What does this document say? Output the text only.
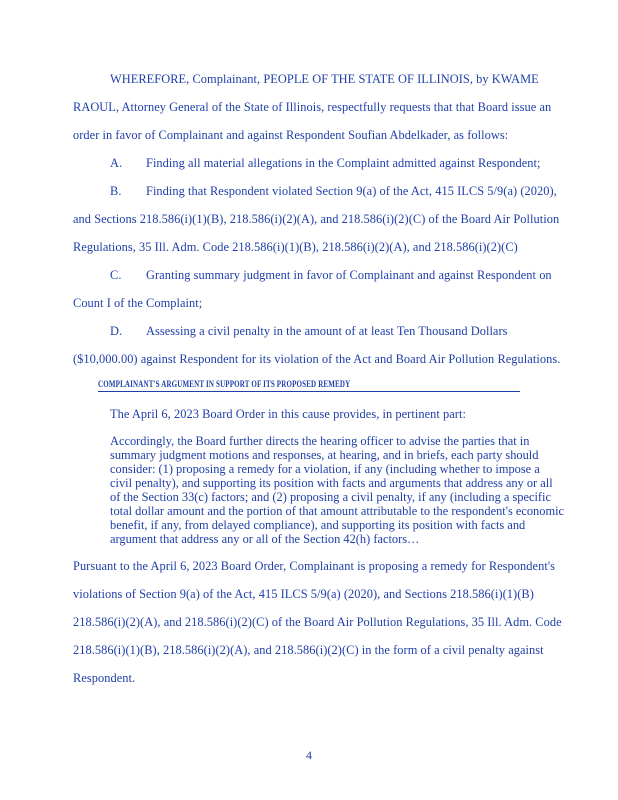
WHEREFORE, Complainant, PEOPLE OF THE STATE OF ILLINOIS, by KWAME
RAOUL, Attorney General of the State of Illinois, respectfully requests that that Board issue an
order in favor of Complainant and against Respondent Soufian Abdelkader, as follows:
A. Finding all material allegations in the Complaint admitted against Respondent;
B. Finding that Respondent violated Section 9(a) of the Act, 415 ILCS 5/9(a) (2020),
and Sections 218.586(i)(1)(B), 218.586(i)(2)(A), and 218.586(i)(2)(C) of the Board Air Pollution
Regulations, 35 Ill. Adm. Code 218.586(i)(1)(B), 218.586(i)(2)(A), and 218.586(i)(2)(C)
C. Granting summary judgment in favor of Complainant and against Respondent on
Count I of the Complaint;
D. Assessing a civil penalty in the amount of at least Ten Thousand Dollars
($10,000.00) against Respondent for its violation of the Act and Board Air Pollution Regulations.
COMPLAINANT'S ARGUMENT IN SUPPORT OF ITS PROPOSED REMEDY
The April 6, 2023 Board Order in this cause provides, in pertinent part:
Accordingly, the Board further directs the hearing officer to advise the parties that in
summary judgment motions and responses, at hearing, and in briefs, each party should
consider: (1) proposing a remedy for a violation, if any (including whether to impose a
civil penalty), and supporting its position with facts and arguments that address any or all
of the Section 33(c) factors; and (2) proposing a civil penalty, if any (including a specific
total dollar amount and the portion of that amount attributable to the respondent's economic
benefit, if any, from delayed compliance), and supporting its position with facts and
argument that address any or all of the Section 42(h) factors…
Pursuant to the April 6, 2023 Board Order, Complainant is proposing a remedy for Respondent's
violations of Section 9(a) of the Act, 415 ILCS 5/9(a) (2020), and Sections 218.586(i)(1)(B)
218.586(i)(2)(A), and 218.586(i)(2)(C) of the Board Air Pollution Regulations, 35 Ill. Adm. Code
218.586(i)(1)(B), 218.586(i)(2)(A), and 218.586(i)(2)(C) in the form of a civil penalty against
Respondent.
4
